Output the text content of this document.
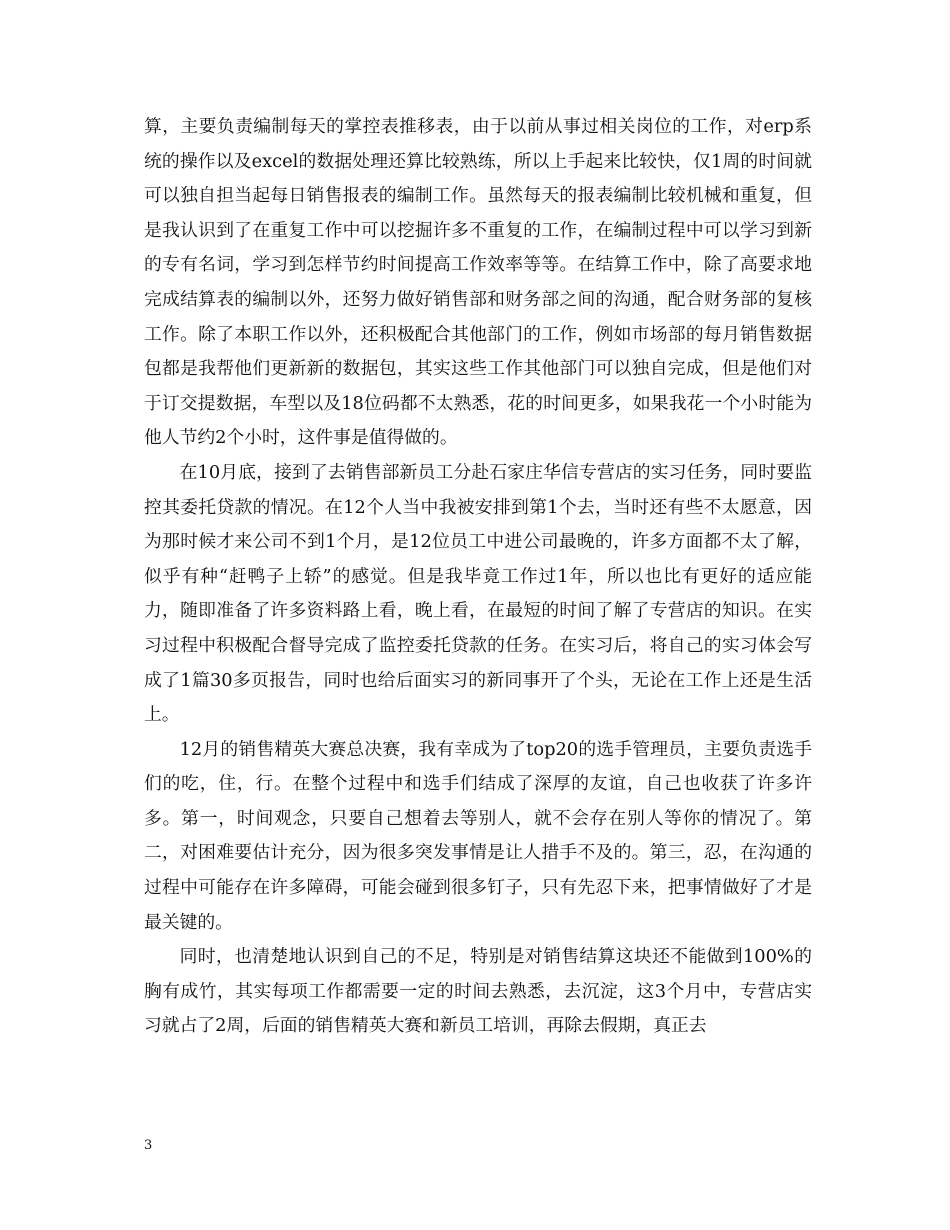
算，主要负责编制每天的掌控表推移表，由于以前从事过相关岗位的工作，对erp系统的操作以及excel的数据处理还算比较熟练，所以上手起来比较快，仅1周的时间就可以独自担当起每日销售报表的编制工作。虽然每天的报表编制比较机械和重复，但是我认识到了在重复工作中可以挖掘许多不重复的工作，在编制过程中可以学习到新的专有名词，学习到怎样节约时间提高工作效率等等。在结算工作中，除了高要求地完成结算表的编制以外，还努力做好销售部和财务部之间的沟通，配合财务部的复核工作。除了本职工作以外，还积极配合其他部门的工作，例如市场部的每月销售数据包都是我帮他们更新新的数据包，其实这些工作其他部门可以独自完成，但是他们对于订交提数据，车型以及18位码都不太熟悉，花的时间更多，如果我花一个小时能为他人节约2个小时，这件事是值得做的。

在10月底，接到了去销售部新员工分赴石家庄华信专营店的实习任务，同时要监控其委托贷款的情况。在12个人当中我被安排到第1个去，当时还有些不太愿意，因为那时候才来公司不到1个月，是12位员工中进公司最晚的，许多方面都不太了解，似乎有种“赶鸭子上轿”的感觉。但是我毕竟工作过1年，所以也比有更好的适应能力，随即准备了许多资料路上看，晚上看，在最短的时间了解了专营店的知识。在实习过程中积极配合督导完成了监控委托贷款的任务。在实习后，将自己的实习体会写成了1篇30多页报告，同时也给后面实习的新同事开了个头，无论在工作上还是生活上。

12月的销售精英大赛总决赛，我有幸成为了top20的选手管理员，主要负责选手们的吃，住，行。在整个过程中和选手们结成了深厚的友谊，自己也收获了许多许多。第一，时间观念，只要自己想着去等别人，就不会存在别人等你的情况了。第二，对困难要估计充分，因为很多突发事情是让人措手不及的。第三，忍，在沟通的过程中可能存在许多障碍，可能会碰到很多钉子，只有先忍下来，把事情做好了才是最关键的。

同时，也清楚地认识到自己的不足，特别是对销售结算这块还不能做到100%的胸有成竹，其实每项工作都需要一定的时间去熟悉，去沉淀，这3个月中，专营店实习就占了2周，后面的销售精英大赛和新员工培训，再除去假期，真正去

3
